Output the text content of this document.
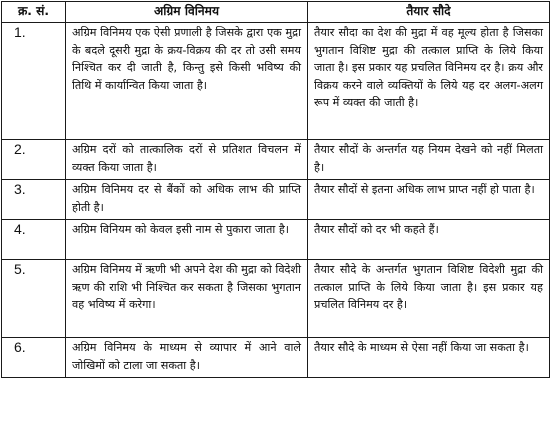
क्र. सं.	अग्रिम विनिमय	तैयार सौदे
1.	अग्रिम विनिमय एक ऐसी प्रणाली है जिसके द्वारा एक मुद्रा के बदले दूसरी मुद्रा के क्रय-विक्रय की दर तो उसी समय निश्चित कर दी जाती है, किन्तु इसे किसी भविष्य की तिथि में कार्यान्वित किया जाता है।	तैयार सौदा का देश की मुद्रा में वह मूल्य होता है जिसका भुगतान विशिष्ट मुद्रा की तत्काल प्राप्ति के लिये किया जाता है। इस प्रकार यह प्रचलित विनिमय दर है। क्रय और विक्रय करने वाले व्यक्तियों के लिये यह दर अलग-अलग रूप में व्यक्त की जाती है।
2.	अग्रिम दरों को तात्कालिक दरों से प्रतिशत विचलन में व्यक्त किया जाता है।	तैयार सौदों के अन्तर्गत यह नियम देखने को नहीं मिलता है।
3.	अग्रिम विनिमय दर से बैंकों को अधिक लाभ की प्राप्ति होती है।	तैयार सौदों से इतना अधिक लाभ प्राप्त नहीं हो पाता है।
4.	अग्रिम विनियम को केवल इसी नाम से पुकारा जाता है।	तैयार सौदों को दर भी कहते हैं।
5.	अग्रिम विनिमय में ऋणी भी अपने देश की मुद्रा को विदेशी ऋण की राशि भी निश्चित कर सकता है जिसका भुगतान वह भविष्य में करेगा।	तैयार सौदे के अन्तर्गत भुगतान विशिष्ट विदेशी मुद्रा की तत्काल प्राप्ति के लिये किया जाता है। इस प्रकार यह प्रचलित विनिमय दर है।
6.	अग्रिम विनिमय के माध्यम से व्यापार में आने वाले जोखिमों को टाला जा सकता है।	तैयार सौदे के माध्यम से ऐसा नहीं किया जा सकता है।
